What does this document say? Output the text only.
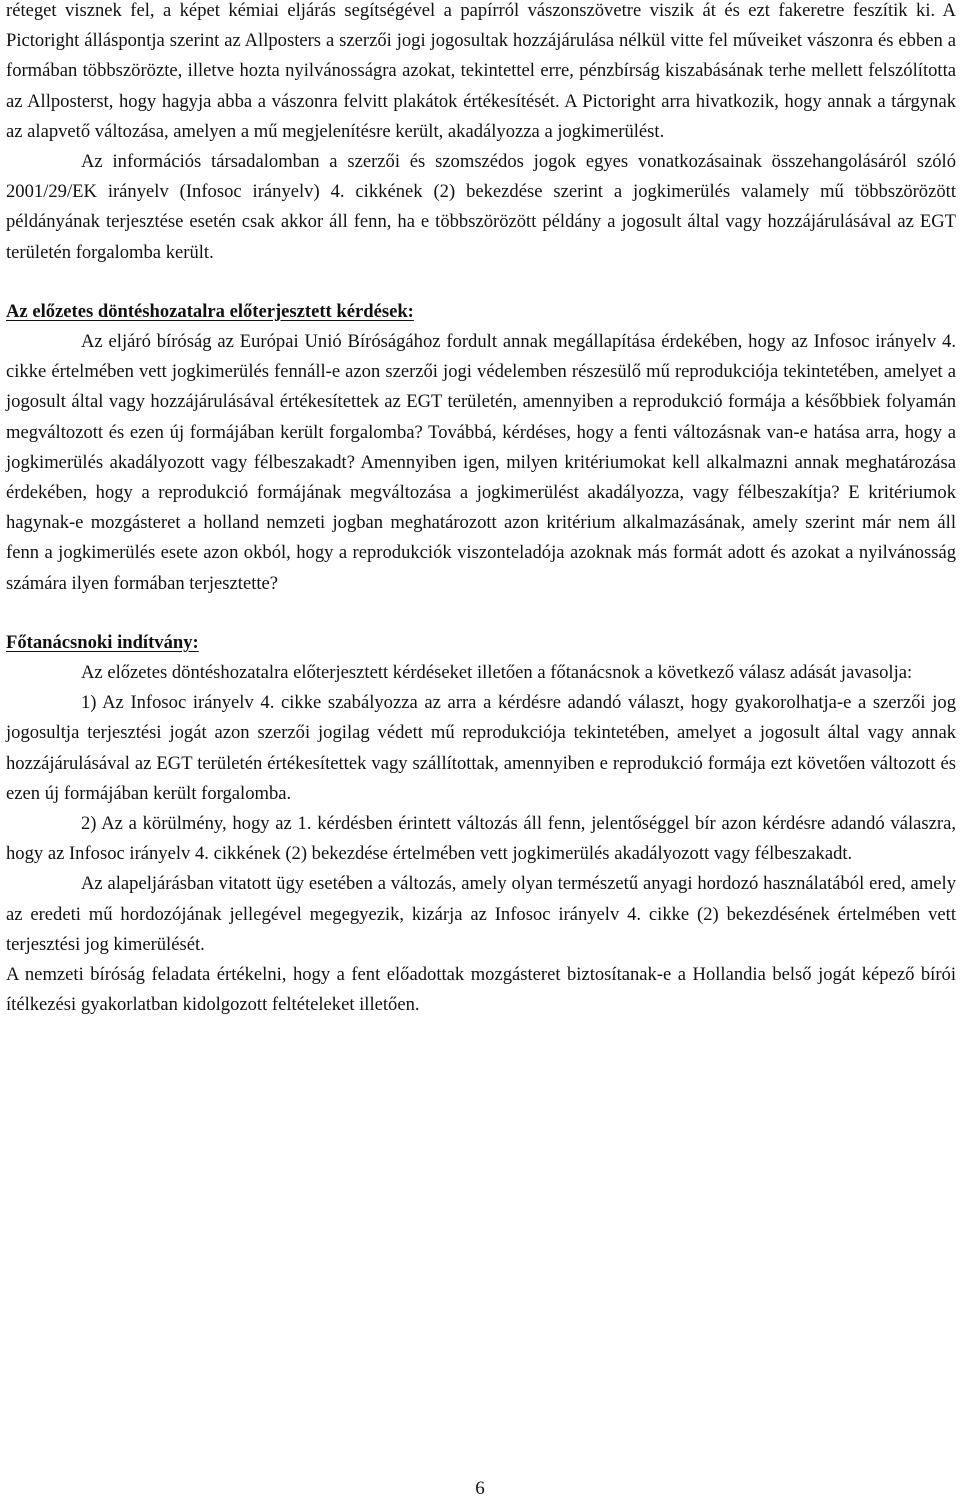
réteget visznek fel, a képet kémiai eljárás segítségével a papírról vászonszövetre viszik át és ezt fakeretre feszítik ki. A Pictoright álláspontja szerint az Allposters a szerzői jogi jogosultak hozzájárulása nélkül vitte fel műveiket vászonra és ebben a formában többszörözte, illetve hozta nyilvánosságra azokat, tekintettel erre, pénzbírság kiszabásának terhe mellett felszólította az Allposterst, hogy hagyja abba a vászonra felvitt plakátok értékesítését. A Pictoright arra hivatkozik, hogy annak a tárgynak az alapvető változása, amelyen a mű megjelenítésre került, akadályozza a jogkimerülést.

Az információs társadalomban a szerzői és szomszédos jogok egyes vonatkozásainak összehangolásáról szóló 2001/29/EK irányelv (Infosoc irányelv) 4. cikkének (2) bekezdése szerint a jogkimerülés valamely mű többszörözött példányának terjesztése esetén csak akkor áll fenn, ha e többszörözött példány a jogosult által vagy hozzájárulásával az EGT területén forgalomba került.

Az előzetes döntéshozatalra előterjesztett kérdések:

Az eljáró bíróság az Európai Unió Bíróságához fordult annak megállapítása érdekében, hogy az Infosoc irányelv 4. cikke értelmében vett jogkimerülés fennáll-e azon szerzői jogi védelemben részesülő mű reprodukciója tekintetében, amelyet a jogosult által vagy hozzájárulásával értékesítettek az EGT területén, amennyiben a reprodukció formája a későbbiek folyamán megváltozott és ezen új formájában került forgalomba? Továbbá, kérdéses, hogy a fenti változásnak van-e hatása arra, hogy a jogkimerülés akadályozott vagy félbeszakadt? Amennyiben igen, milyen kritériumokat kell alkalmazni annak meghatározása érdekében, hogy a reprodukció formájának megváltozása a jogkimerülést akadályozza, vagy félbeszakítja? E kritériumok hagynak-e mozgásteret a holland nemzeti jogban meghatározott azon kritérium alkalmazásának, amely szerint már nem áll fenn a jogkimerülés esete azon okból, hogy a reprodukciók viszonteladója azoknak más formát adott és azokat a nyilvánosság számára ilyen formában terjesztette?

Főtanácsnoki indítvány:

Az előzetes döntéshozatalra előterjesztett kérdéseket illetően a főtanácsnok a következő válasz adását javasolja:

1) Az Infosoc irányelv 4. cikke szabályozza az arra a kérdésre adandó választ, hogy gyakorolhatja-e a szerzői jog jogosultja terjesztési jogát azon szerzői jogilag védett mű reprodukciója tekintetében, amelyet a jogosult által vagy annak hozzájárulásával az EGT területén értékesítettek vagy szállítottak, amennyiben e reprodukció formája ezt követően változott és ezen új formájában került forgalomba.

2) Az a körülmény, hogy az 1. kérdésben érintett változás áll fenn, jelentőséggel bír azon kérdésre adandó válaszra, hogy az Infosoc irányelv 4. cikkének (2) bekezdése értelmében vett jogkimerülés akadályozott vagy félbeszakadt.

Az alapeljárásban vitatott ügy esetében a változás, amely olyan természetű anyagi hordozó használatából ered, amely az eredeti mű hordozójának jellegével megegyezik, kizárja az Infosoc irányelv 4. cikke (2) bekezdésének értelmében vett terjesztési jog kimerülését.

A nemzeti bíróság feladata értékelni, hogy a fent előadottak mozgásteret biztosítanak-e a Hollandia belső jogát képező bírói ítélkezési gyakorlatban kidolgozott feltételeket illetően.

6
